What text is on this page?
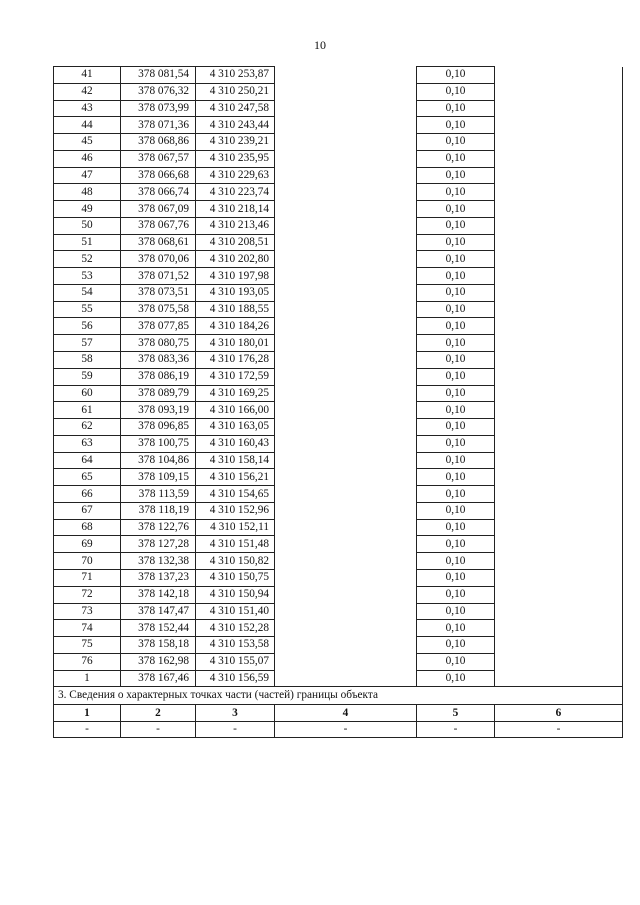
10
41	378 081,54	4 310 253,87		0,10	
42	378 076,32	4 310 250,21		0,10	
43	378 073,99	4 310 247,58		0,10	
44	378 071,36	4 310 243,44		0,10	
45	378 068,86	4 310 239,21		0,10	
46	378 067,57	4 310 235,95		0,10	
47	378 066,68	4 310 229,63		0,10	
48	378 066,74	4 310 223,74		0,10	
49	378 067,09	4 310 218,14		0,10	
50	378 067,76	4 310 213,46		0,10	
51	378 068,61	4 310 208,51		0,10	
52	378 070,06	4 310 202,80		0,10	
53	378 071,52	4 310 197,98		0,10	
54	378 073,51	4 310 193,05		0,10	
55	378 075,58	4 310 188,55		0,10	
56	378 077,85	4 310 184,26		0,10	
57	378 080,75	4 310 180,01		0,10	
58	378 083,36	4 310 176,28		0,10	
59	378 086,19	4 310 172,59		0,10	
60	378 089,79	4 310 169,25		0,10	
61	378 093,19	4 310 166,00		0,10	
62	378 096,85	4 310 163,05		0,10	
63	378 100,75	4 310 160,43		0,10	
64	378 104,86	4 310 158,14		0,10	
65	378 109,15	4 310 156,21		0,10	
66	378 113,59	4 310 154,65		0,10	
67	378 118,19	4 310 152,96		0,10	
68	378 122,76	4 310 152,11		0,10	
69	378 127,28	4 310 151,48		0,10	
70	378 132,38	4 310 150,82		0,10	
71	378 137,23	4 310 150,75		0,10	
72	378 142,18	4 310 150,94		0,10	
73	378 147,47	4 310 151,40		0,10	
74	378 152,44	4 310 152,28		0,10	
75	378 158,18	4 310 153,58		0,10	
76	378 162,98	4 310 155,07		0,10	
1	378 167,46	4 310 156,59		0,10	
3. Сведения о характерных точках части (частей) границы объекта					
1	2	3	4	5	6
-	-	-	-	-	-
